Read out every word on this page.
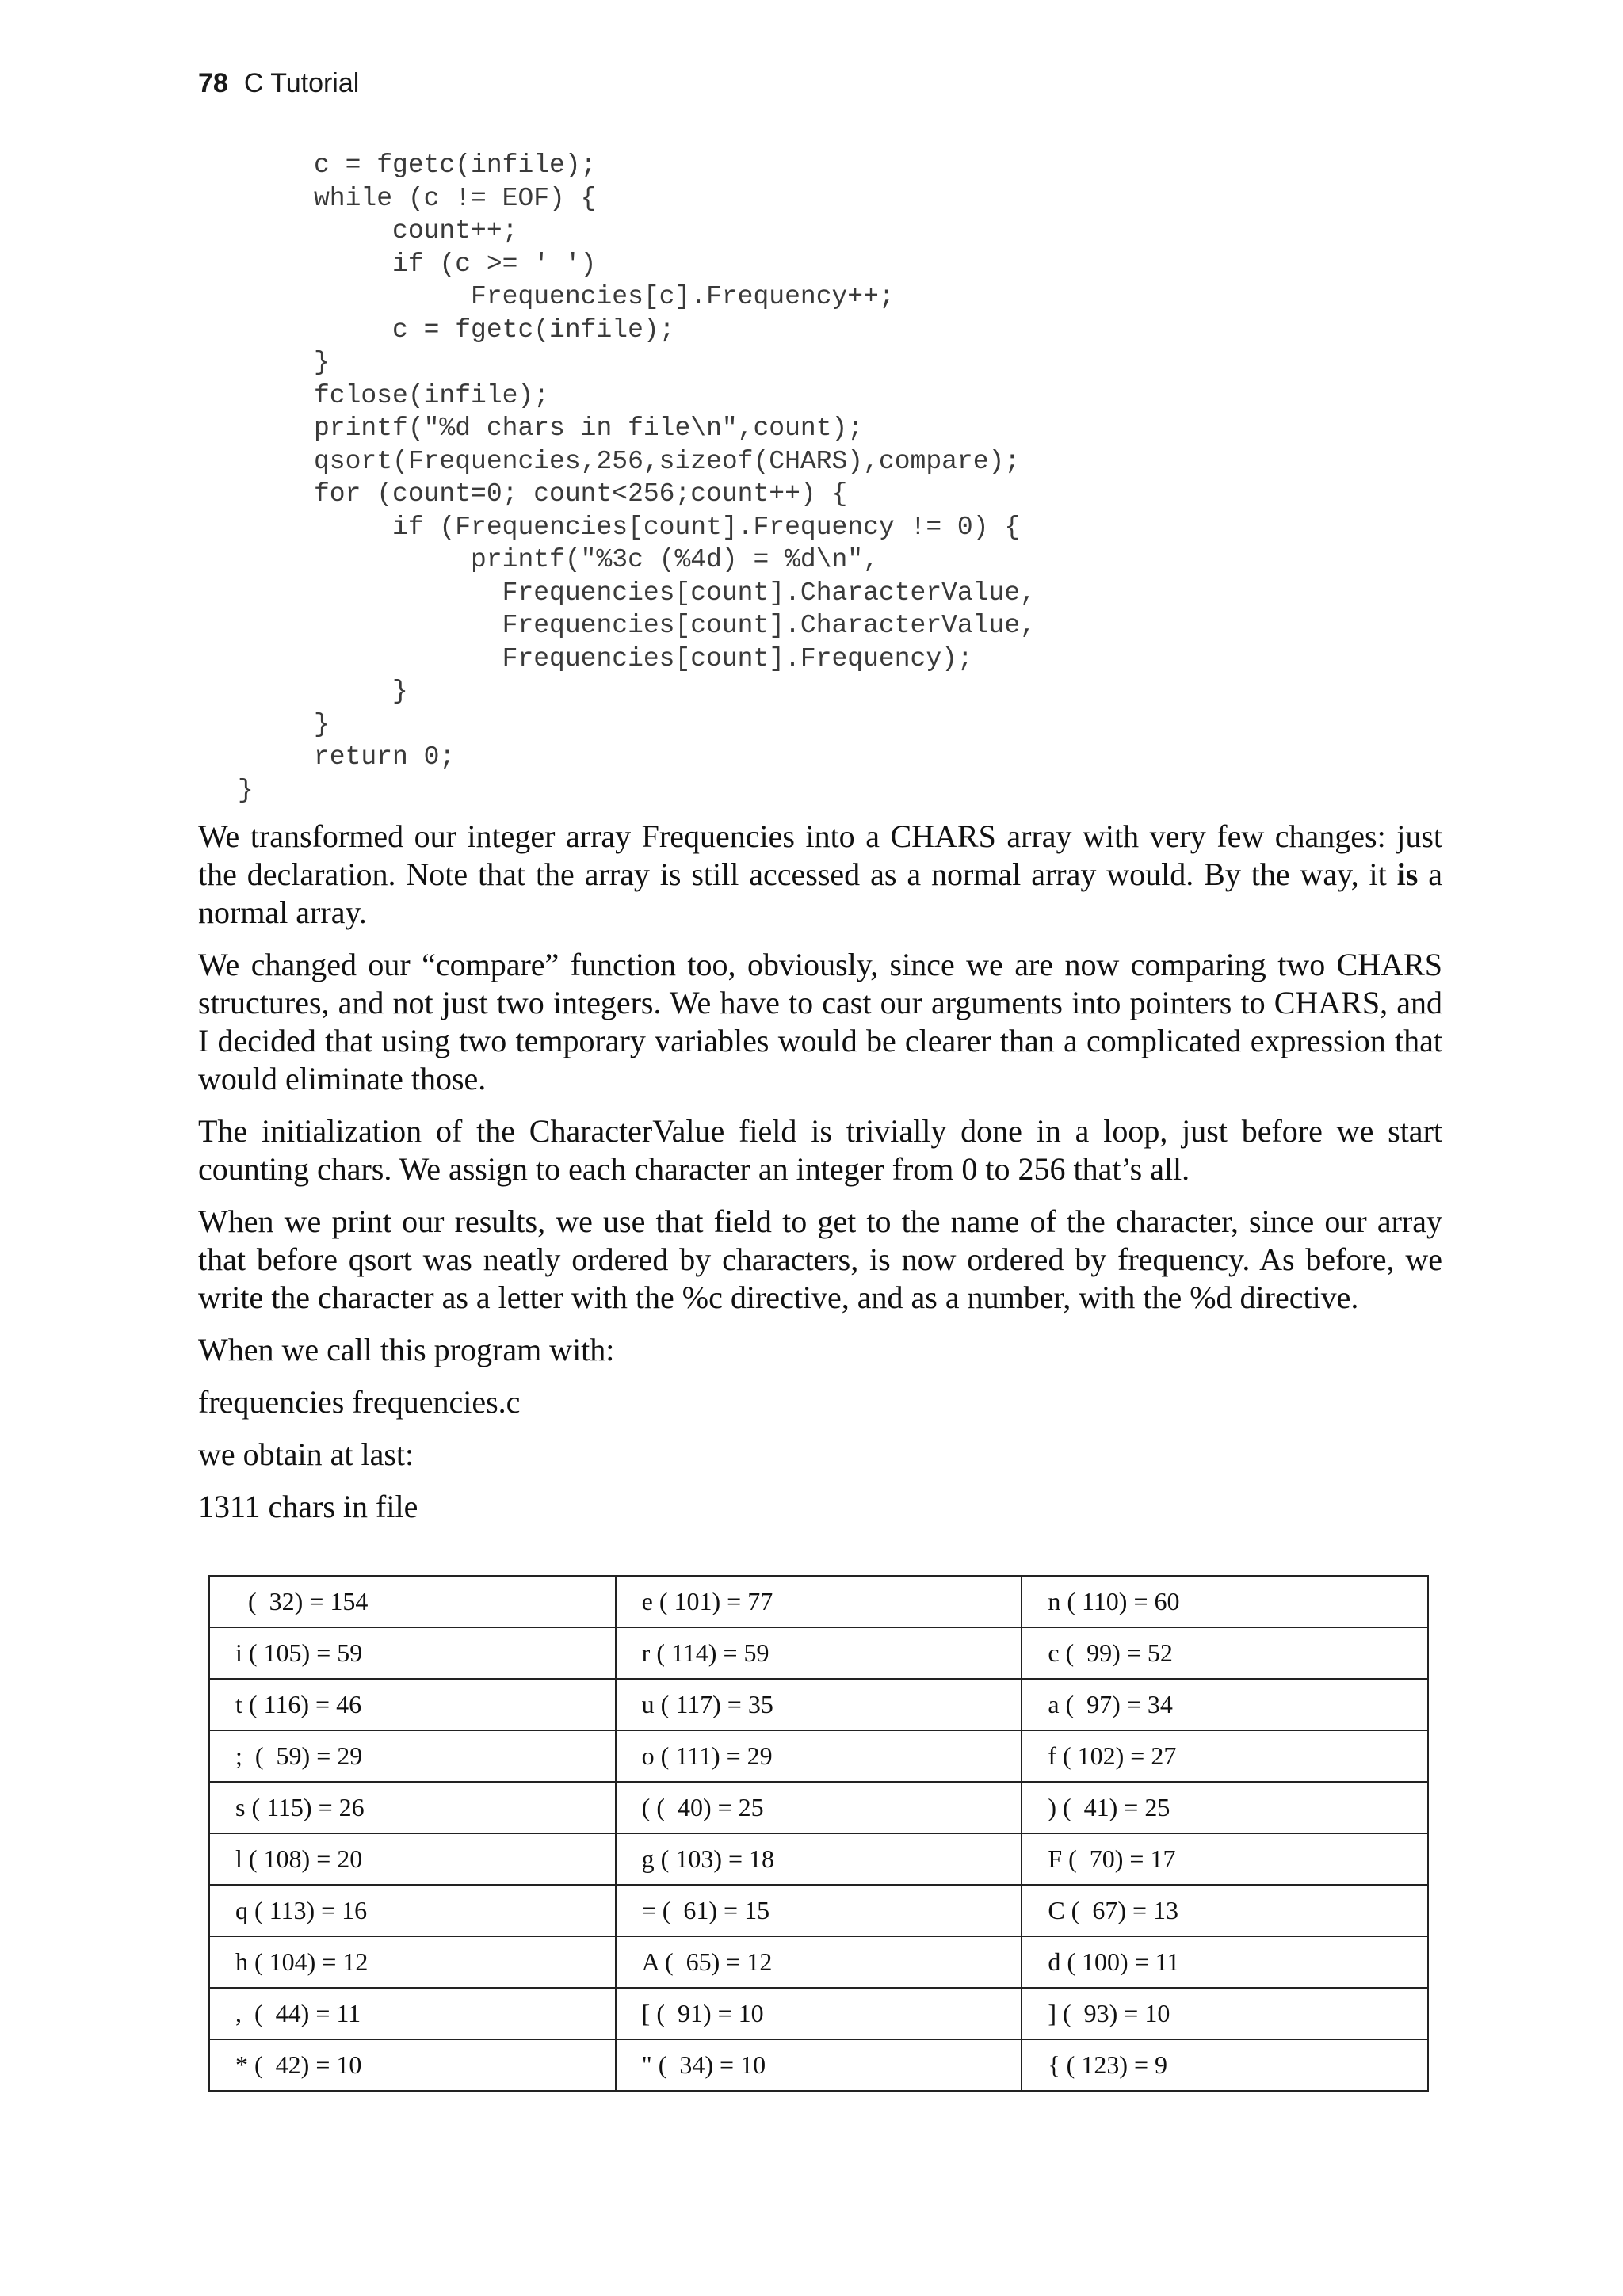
78 C Tutorial
c = fgetc(infile);
while (c != EOF) {
count++;
if (c >= ' ')
Frequencies[c].Frequency++;
c = fgetc(infile);
}
fclose(infile);
printf("%d chars in file\n",count);
qsort(Frequencies,256,sizeof(CHARS),compare);
for (count=0; count<256;count++) {
if (Frequencies[count].Frequency != 0) {
printf("%3c (%4d) = %d\n",
Frequencies[count].CharacterValue,
Frequencies[count].CharacterValue,
Frequencies[count].Frequency);
}
}
return 0;
}

We transformed our integer array Frequencies into a CHARS array with very few changes: just the declaration. Note that the array is still accessed as a normal array would. By the way, it is a normal array.

We changed our “compare” function too, obviously, since we are now comparing two CHARS structures, and not just two integers. We have to cast our arguments into pointers to CHARS, and I decided that using two temporary variables would be clearer than a complicated expression that would eliminate those.

The initialization of the CharacterValue field is trivially done in a loop, just before we start counting chars. We assign to each character an integer from 0 to 256 that’s all.

When we print our results, we use that field to get to the name of the character, since our array that before qsort was neatly ordered by characters, is now ordered by frequency. As before, we write the character as a letter with the %c directive, and as a number, with the %d directive.

When we call this program with:

frequencies frequencies.c

we obtain at last:

1311 chars in file

(  32) = 154	e ( 101) = 77	n ( 110) = 60
i ( 105) = 59	r ( 114) = 59	c (  99) = 52
t ( 116) = 46	u ( 117) = 35	a (  97) = 34
;  (  59) = 29	o ( 111) = 29	f ( 102) = 27
s ( 115) = 26	( (  40) = 25	) (  41) = 25
l ( 108) = 20	g ( 103) = 18	F (  70) = 17
q ( 113) = 16	= (  61) = 15	C (  67) = 13
h ( 104) = 12	A (  65) = 12	d ( 100) = 11
,  (  44) = 11	[ (  91) = 10	] (  93) = 10
* (  42) = 10	" (  34) = 10	{ ( 123) = 9
